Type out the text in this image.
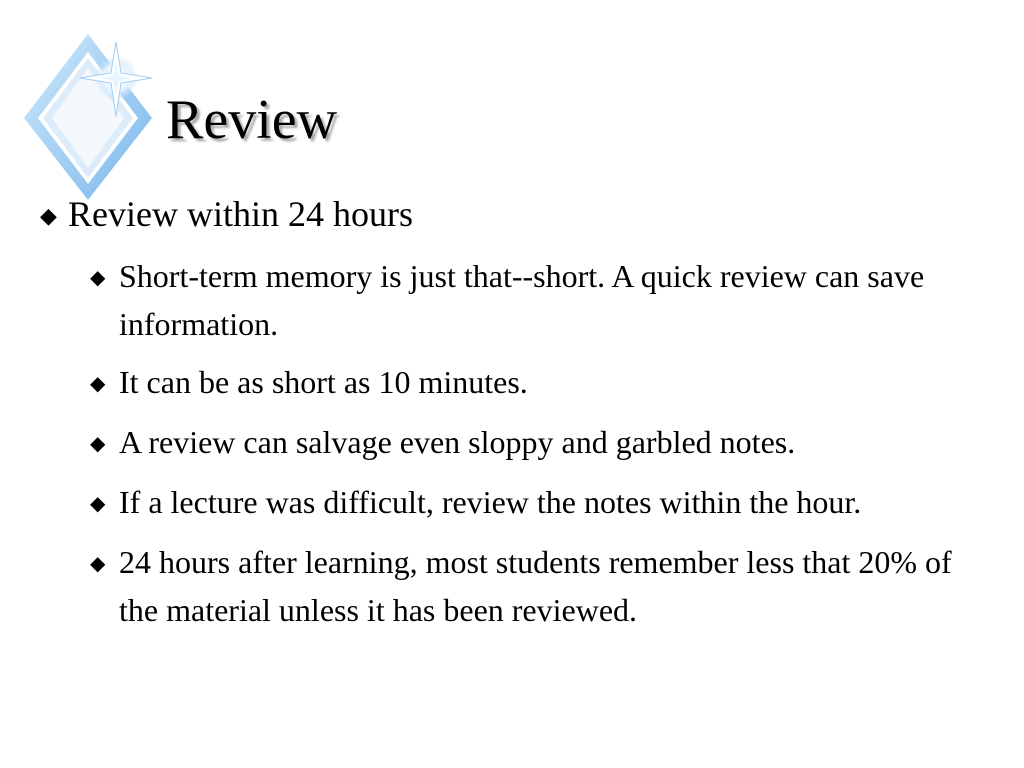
Review
◆ Review within 24 hours
◆ Short-term memory is just that--short. A quick review can save information.
◆ It can be as short as 10 minutes.
◆ A review can salvage even sloppy and garbled notes.
◆ If a lecture was difficult, review the notes within the hour.
◆ 24 hours after learning, most students remember less that 20% of the material unless it has been reviewed.
